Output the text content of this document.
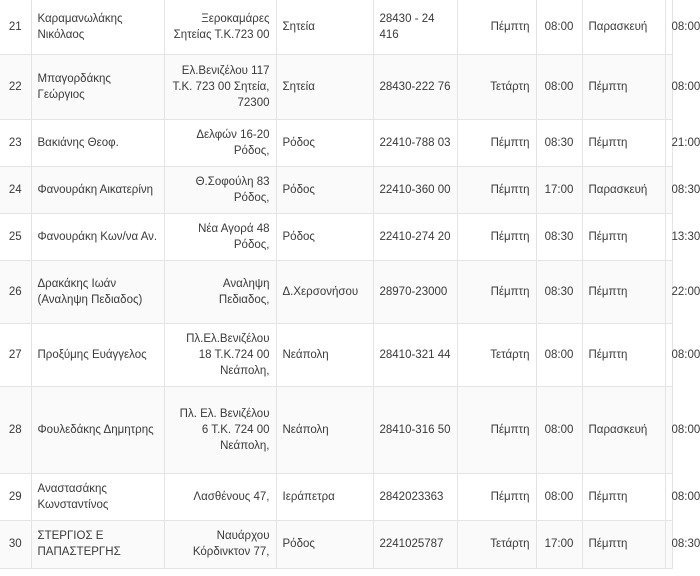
21	Καραμανωλάκης Νικόλαος	Ξεροκαμάρες Σητείας Τ.Κ.723 00	Σητεία	28430 - 24 416	Πέμπτη	08:00	Παρασκευή	08:00
22	Μπαγορδάκης Γεώργιος	Ελ.Βενιζέλου 117 Τ.Κ. 723 00 Σητεία, 72300	Σητεία	28430-222 76	Τετάρτη	08:00	Πέμπτη	08:00
23	Βακιάνης Θεοφ.	Δελφών 16-20 Ρόδος,	Ρόδος	22410-788 03	Πέμπτη	08:30	Πέμπτη	21:00
24	Φανουράκη Αικατερίνη	Θ.Σοφούλη 83 Ρόδος,	Ρόδος	22410-360 00	Πέμπτη	17:00	Παρασκευή	08:30
25	Φανουράκη Κων/να Αν.	Νέα Αγορά 48 Ρόδος,	Ρόδος	22410-274 20	Πέμπτη	08:30	Πέμπτη	13:30
26	Δρακάκης Ιωάν (Αναληψη Πεδιαδος)	Αναληψη Πεδιαδος,	Δ.Χερσονήσου	28970-23000	Πέμπτη	08:30	Πέμπτη	22:00
27	Προξύμης Ευάγγελος	Πλ.Ελ.Βενιζέλου 18 Τ.Κ.724 00 Νεάπολη,	Νεάπολη	28410-321 44	Τετάρτη	08:00	Πέμπτη	08:00
28	Φουλεδάκης Δημητρης	Πλ. Ελ. Βενιζέλου 6 Τ.Κ. 724 00 Νεάπολη,	Νεάπολη	28410-316 50	Πέμπτη	08:00	Παρασκευή	08:00
29	Αναστασάκης Κωνσταντίνος	Λασθένους 47,	Ιεράπετρα	2842023363	Πέμπτη	08:00	Πέμπτη	08:00
30	ΣΤΕΡΓΙΟΣ Ε ΠΑΠΑΣΤΕΡΓΗΣ	Ναυάρχου Κόρδινκτον 77,	Ρόδος	2241025787	Τετάρτη	17:00	Πέμπτη	08:30
